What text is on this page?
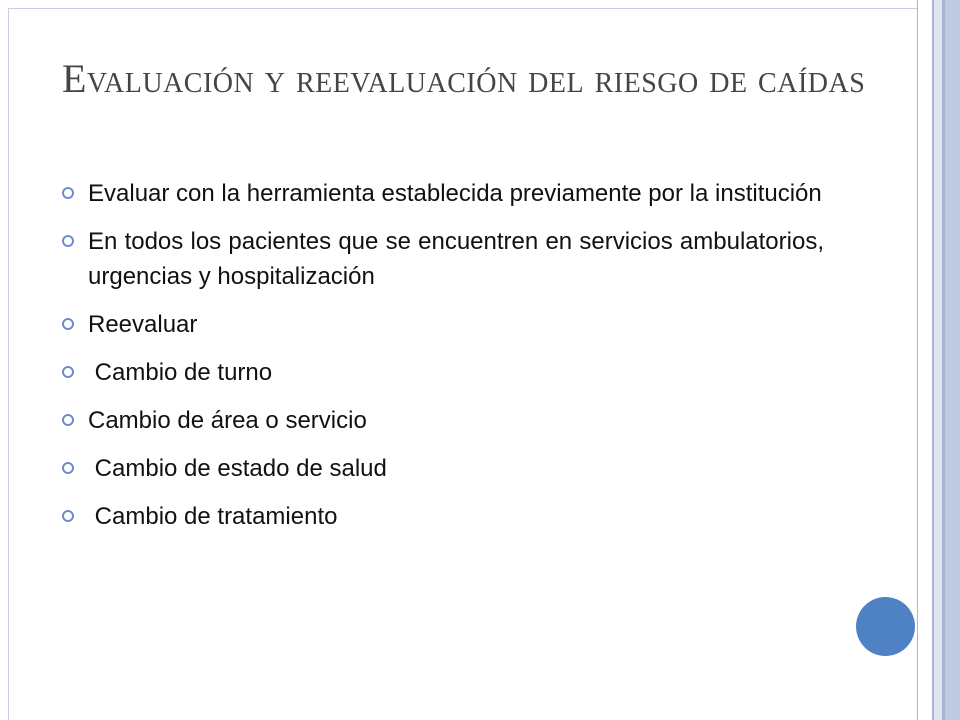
Evaluación y reevaluación del riesgo de caídas
Evaluar con la herramienta establecida previamente por la institución
En todos los pacientes que se encuentren en servicios ambulatorios, urgencias y hospitalización
Reevaluar
Cambio de turno
Cambio de área o servicio
Cambio de estado de salud
Cambio de tratamiento
